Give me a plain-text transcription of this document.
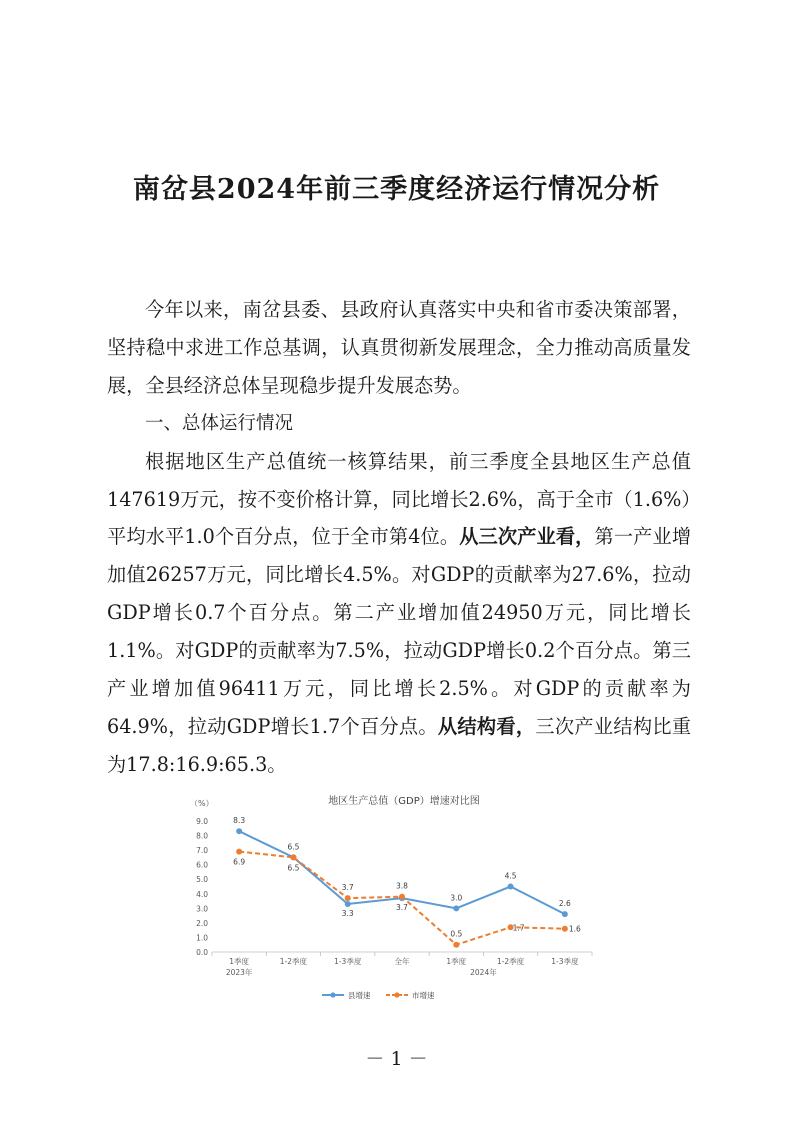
南岔县2024年前三季度经济运行情况分析

今年以来，南岔县委、县政府认真落实中央和省市委决策部署，坚持稳中求进工作总基调，认真贯彻新发展理念，全力推动高质量发展，全县经济总体呈现稳步提升发展态势。

一、总体运行情况

根据地区生产总值统一核算结果，前三季度全县地区生产总值147619万元，按不变价格计算，同比增长2.6%，高于全市（1.6%）平均水平1.0个百分点，位于全市第4位。从三次产业看，第一产业增加值26257万元，同比增长4.5%。对GDP的贡献率为27.6%，拉动GDP增长0.7个百分点。第二产业增加值24950万元，同比增长1.1%。对GDP的贡献率为7.5%，拉动GDP增长0.2个百分点。第三产业增加值96411万元，同比增长2.5%。对GDP的贡献率为64.9%，拉动GDP增长1.7个百分点。从结构看，三次产业结构比重为17.8:16.9:65.3。

地区生产总值（GDP）增速对比图
（%）
0.0
1.0
2.0
3.0
4.0
5.0
6.0
7.0
8.0
9.0
1季度	1-2季度	1-3季度	全年	1季度	1-2季度	1-3季度
2023年	2024年
8.3
6.5
3.3
3.7
3.0
4.5
2.6
6.9
6.5
3.7	3.8
0.5
1.7	1.6
县增速	市增速
－ 1 －
